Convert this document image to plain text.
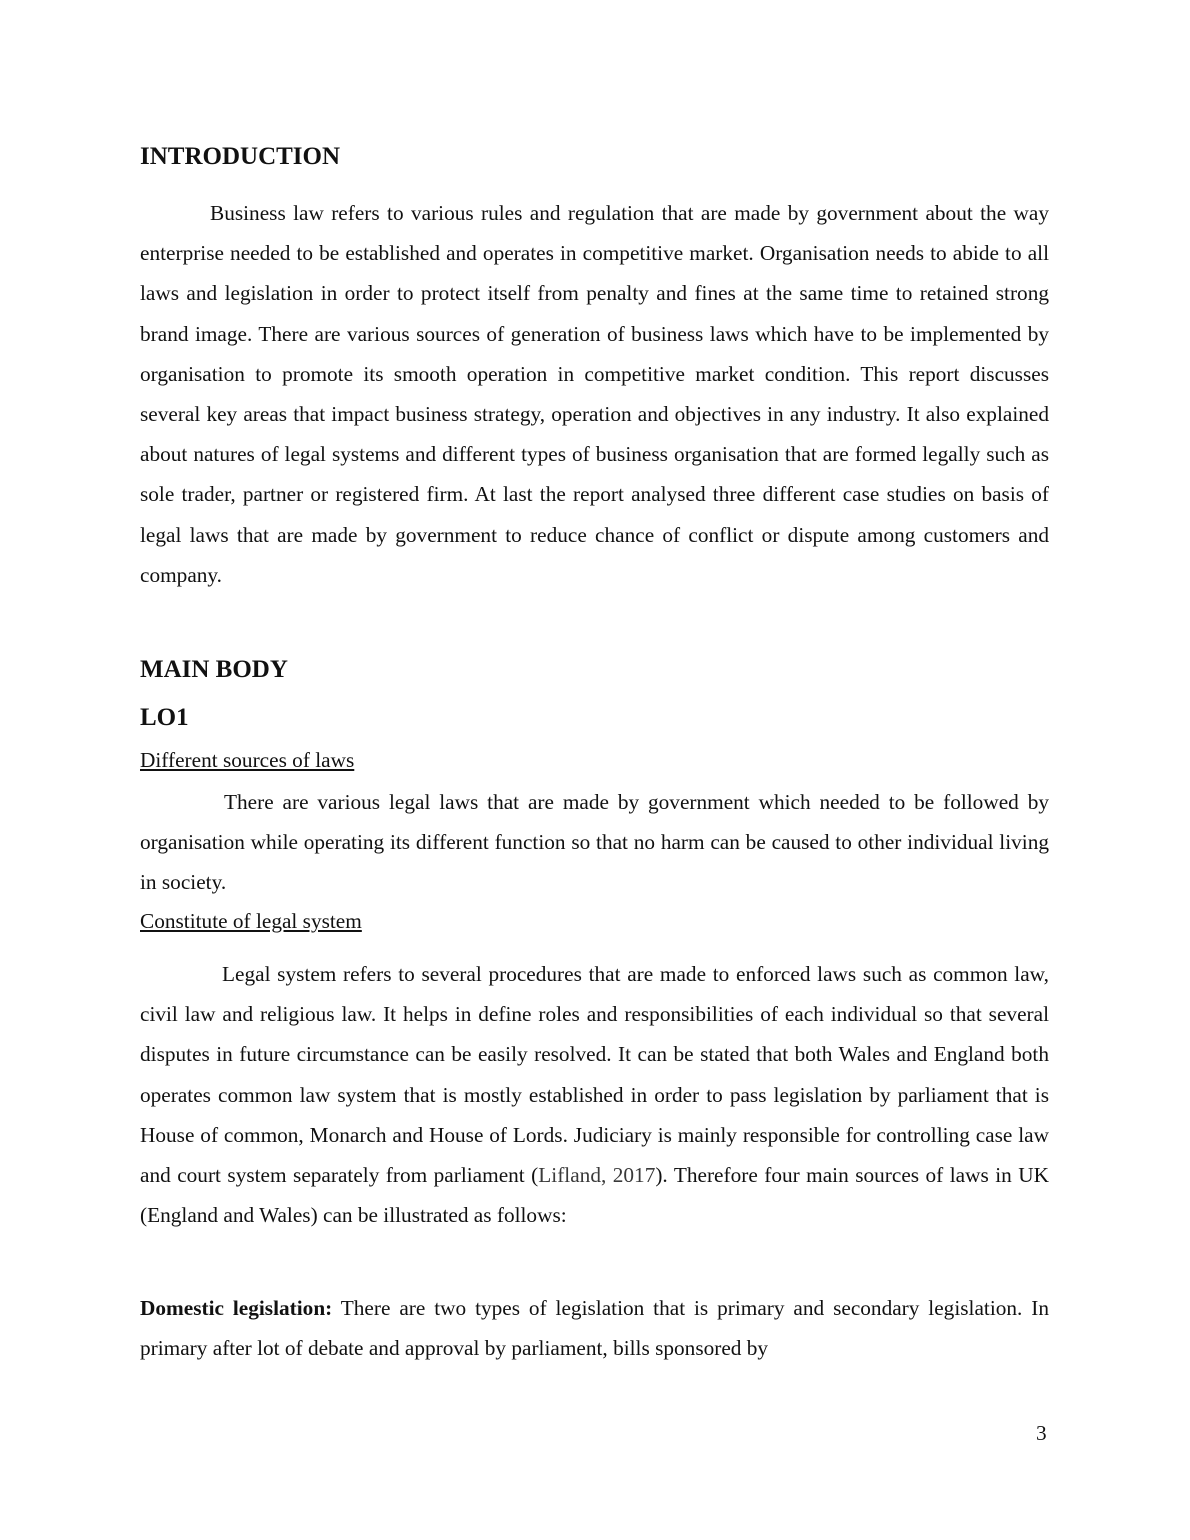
INTRODUCTION

Business law refers to various rules and regulation that are made by government about the way enterprise needed to be established and operates in competitive market. Organisation needs to abide to all laws and legislation in order to protect itself from penalty and fines at the same time to retained strong brand image. There are various sources of generation of business laws which have to be implemented by organisation to promote its smooth operation in competitive market condition. This report discusses several key areas that impact business strategy, operation and objectives in any industry. It also explained about natures of legal systems and different types of business organisation that are formed legally such as sole trader, partner or registered firm. At last the report analysed three different case studies on basis of legal laws that are made by government to reduce chance of conflict or dispute among customers and company.

MAIN BODY
LO1
Different sources of laws

There are various legal laws that are made by government which needed to be followed by organisation while operating its different function so that no harm can be caused to other individual living in society.

Constitute of legal system

Legal system refers to several procedures that are made to enforced laws such as common law, civil law and religious law. It helps in define roles and responsibilities of each individual so that several disputes in future circumstance can be easily resolved. It can be stated that both Wales and England both operates common law system that is mostly established in order to pass legislation by parliament that is House of common, Monarch and House of Lords. Judiciary is mainly responsible for controlling case law and court system separately from parliament (Lifland, 2017). Therefore four main sources of laws in UK (England and Wales) can be illustrated as follows:

Domestic legislation: There are two types of legislation that is primary and secondary legislation. In primary after lot of debate and approval by parliament, bills sponsored by

3
